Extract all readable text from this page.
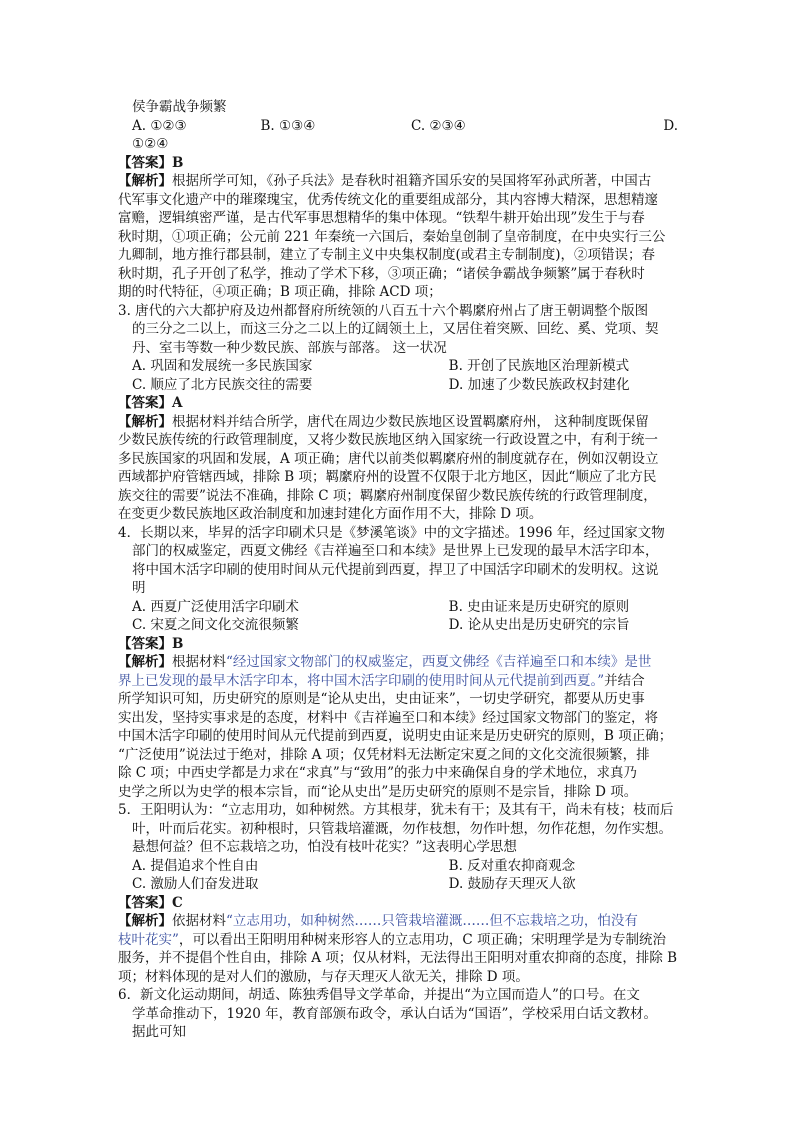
侯争霸战争频繁
A. ①②③	B. ①③④	C. ②③④	D.
①②④
【答案】B
【解析】根据所学可知，《孙子兵法》是春秋时祖籍齐国乐安的吴国将军孙武所著，中国古
代军事文化遗产中的璀璨瑰宝，优秀传统文化的重要组成部分，其内容博大精深，思想精邃
富赡，逻辑缜密严谨，是古代军事思想精华的集中体现。“铁犁牛耕开始出现”发生于与春
秋时期，①项正确；公元前 221 年秦统一六国后，秦始皇创制了皇帝制度，在中央实行三公
九卿制，地方推行郡县制，建立了专制主义中央集权制度(或君主专制制度)，②项错误；春
秋时期，孔子开创了私学，推动了学术下移，③项正确；“诸侯争霸战争频繁”属于春秋时
期的时代特征，④项正确；B 项正确，排除 ACD 项；
3. 唐代的六大都护府及边州都督府所统领的八百五十六个羁縻府州占了唐王朝调整个版图
的三分之二以上，而这三分之二以上的辽阔领土上，又居住着突厥、回纥、奚、党项、契
丹、室韦等数一种少数民族、部族与部落。 这一状况
A. 巩固和发展统一多民族国家	B. 开创了民族地区治理新模式
C. 顺应了北方民族交往的需要	D. 加速了少数民族政权封建化
【答案】A
【解析】根据材料并结合所学，唐代在周边少数民族地区设置羁縻府州， 这种制度既保留
少数民族传统的行政管理制度，又将少数民族地区纳入国家统一行政设置之中，有利于统一
多民族国家的巩固和发展，A 项正确；唐代以前类似羁縻府州的制度就存在，例如汉朝设立
西域都护府管辖西域，排除 B 项；羁縻府州的设置不仅限于北方地区，因此“顺应了北方民
族交往的需要”说法不准确，排除 C 项；羁縻府州制度保留少数民族传统的行政管理制度，
在变更少数民族地区政治制度和加速封建化方面作用不大，排除 D 项。
4．长期以来，毕昇的活字印刷术只是《梦溪笔谈》中的文字描述。1996 年，经过国家文物
部门的权威鉴定，西夏文佛经《吉祥遍至口和本续》是世界上已发现的最早木活字印本，
将中国木活字印刷的使用时间从元代提前到西夏，捍卫了中国活字印刷术的发明权。这说
明
A. 西夏广泛使用活字印刷术	B. 史由证来是历史研究的原则
C. 宋夏之间文化交流很频繁	D. 论从史出是历史研究的宗旨
【答案】B
【解析】根据材料“经过国家文物部门的权威鉴定，西夏文佛经《吉祥遍至口和本续》是世
界上已发现的最早木活字印本，将中国木活字印刷的使用时间从元代提前到西夏。”并结合
所学知识可知，历史研究的原则是“论从史出，史由证来”，一切史学研究，都要从历史事
实出发，坚持实事求是的态度，材料中《吉祥遍至口和本续》经过国家文物部门的鉴定，将
中国木活字印刷的使用时间从元代提前到西夏，说明史由证来是历史研究的原则，B 项正确；
“广泛使用”说法过于绝对，排除 A 项；仅凭材料无法断定宋夏之间的文化交流很频繁，排
除 C 项；中西史学都是力求在“求真”与“致用”的张力中来确保自身的学术地位，求真乃
史学之所以为史学的根本宗旨，而“论从史出”是历史研究的原则不是宗旨，排除 D 项。
5．王阳明认为：“立志用功，如种树然。方其根芽，犹未有干；及其有干，尚未有枝；枝而后
叶，叶而后花实。初种根时，只管栽培灌溉，勿作枝想，勿作叶想，勿作花想，勿作实想。
悬想何益？但不忘栽培之功，怕没有枝叶花实？”这表明心学思想
A. 提倡追求个性自由	B. 反对重农抑商观念
C. 激励人们奋发进取	D. 鼓励存天理灭人欲
【答案】C
【解析】依据材料“立志用功，如种树然……只管栽培灌溉……但不忘栽培之功，怕没有
枝叶花实”，可以看出王阳明用种树来形容人的立志用功，C 项正确；宋明理学是为专制统治
服务，并不提倡个性自由，排除 A 项；仅从材料，无法得出王阳明对重农抑商的态度，排除 B
项；材料体现的是对人们的激励，与存天理灭人欲无关，排除 D 项。
6．新文化运动期间，胡适、陈独秀倡导文学革命，并提出“为立国而造人”的口号。在文
学革命推动下，1920 年，教育部颁布政令，承认白话为“国语”，学校采用白话文教材。
据此可知
